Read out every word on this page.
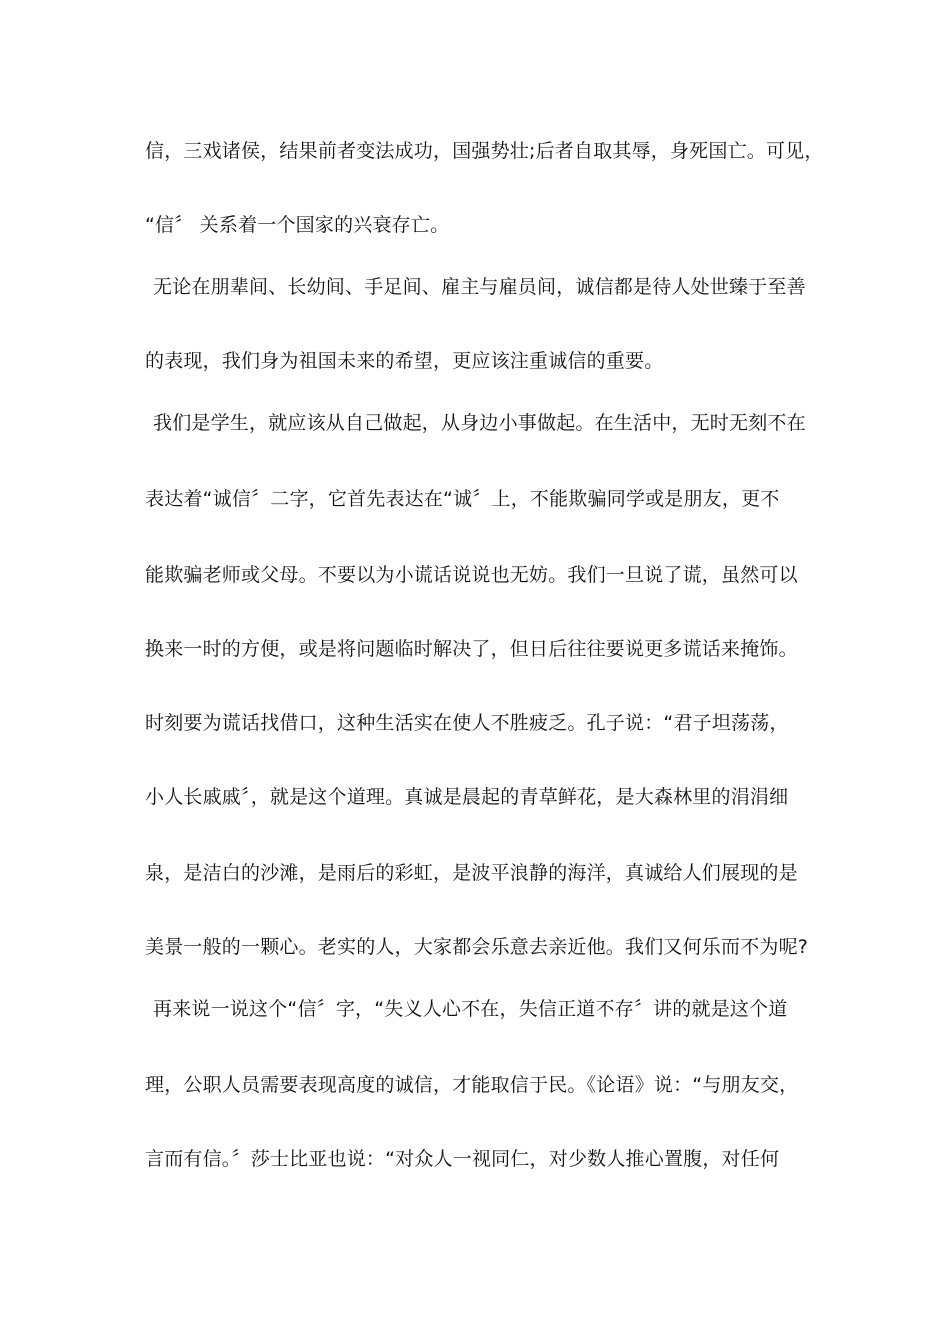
信，三戏诸侯，结果前者变法成功，国强势壮;后者自取其辱，身死国亡。可见，
“信〞 关系着一个国家的兴衰存亡。
无论在朋辈间、长幼间、手足间、雇主与雇员间，诚信都是待人处世臻于至善
的表现，我们身为祖国未来的希望，更应该注重诚信的重要。
我们是学生，就应该从自己做起，从身边小事做起。在生活中，无时无刻不在
表达着“诚信〞二字，它首先表达在“诚〞上，不能欺骗同学或是朋友，更不
能欺骗老师或父母。不要以为小谎话说说也无妨。我们一旦说了谎，虽然可以
换来一时的方便，或是将问题临时解决了，但日后往往要说更多谎话来掩饰。
时刻要为谎话找借口，这种生活实在使人不胜疲乏。孔子说：“君子坦荡荡，
小人长戚戚〞，就是这个道理。真诚是晨起的青草鲜花，是大森林里的涓涓细
泉，是洁白的沙滩，是雨后的彩虹，是波平浪静的海洋，真诚给人们展现的是
美景一般的一颗心。老实的人，大家都会乐意去亲近他。我们又何乐而不为呢?
再来说一说这个“信〞字，“失义人心不在，失信正道不存〞讲的就是这个道
理，公职人员需要表现高度的诚信，才能取信于民。《论语》说：“与朋友交，
言而有信。〞莎士比亚也说：“对众人一视同仁，对少数人推心置腹，对任何
